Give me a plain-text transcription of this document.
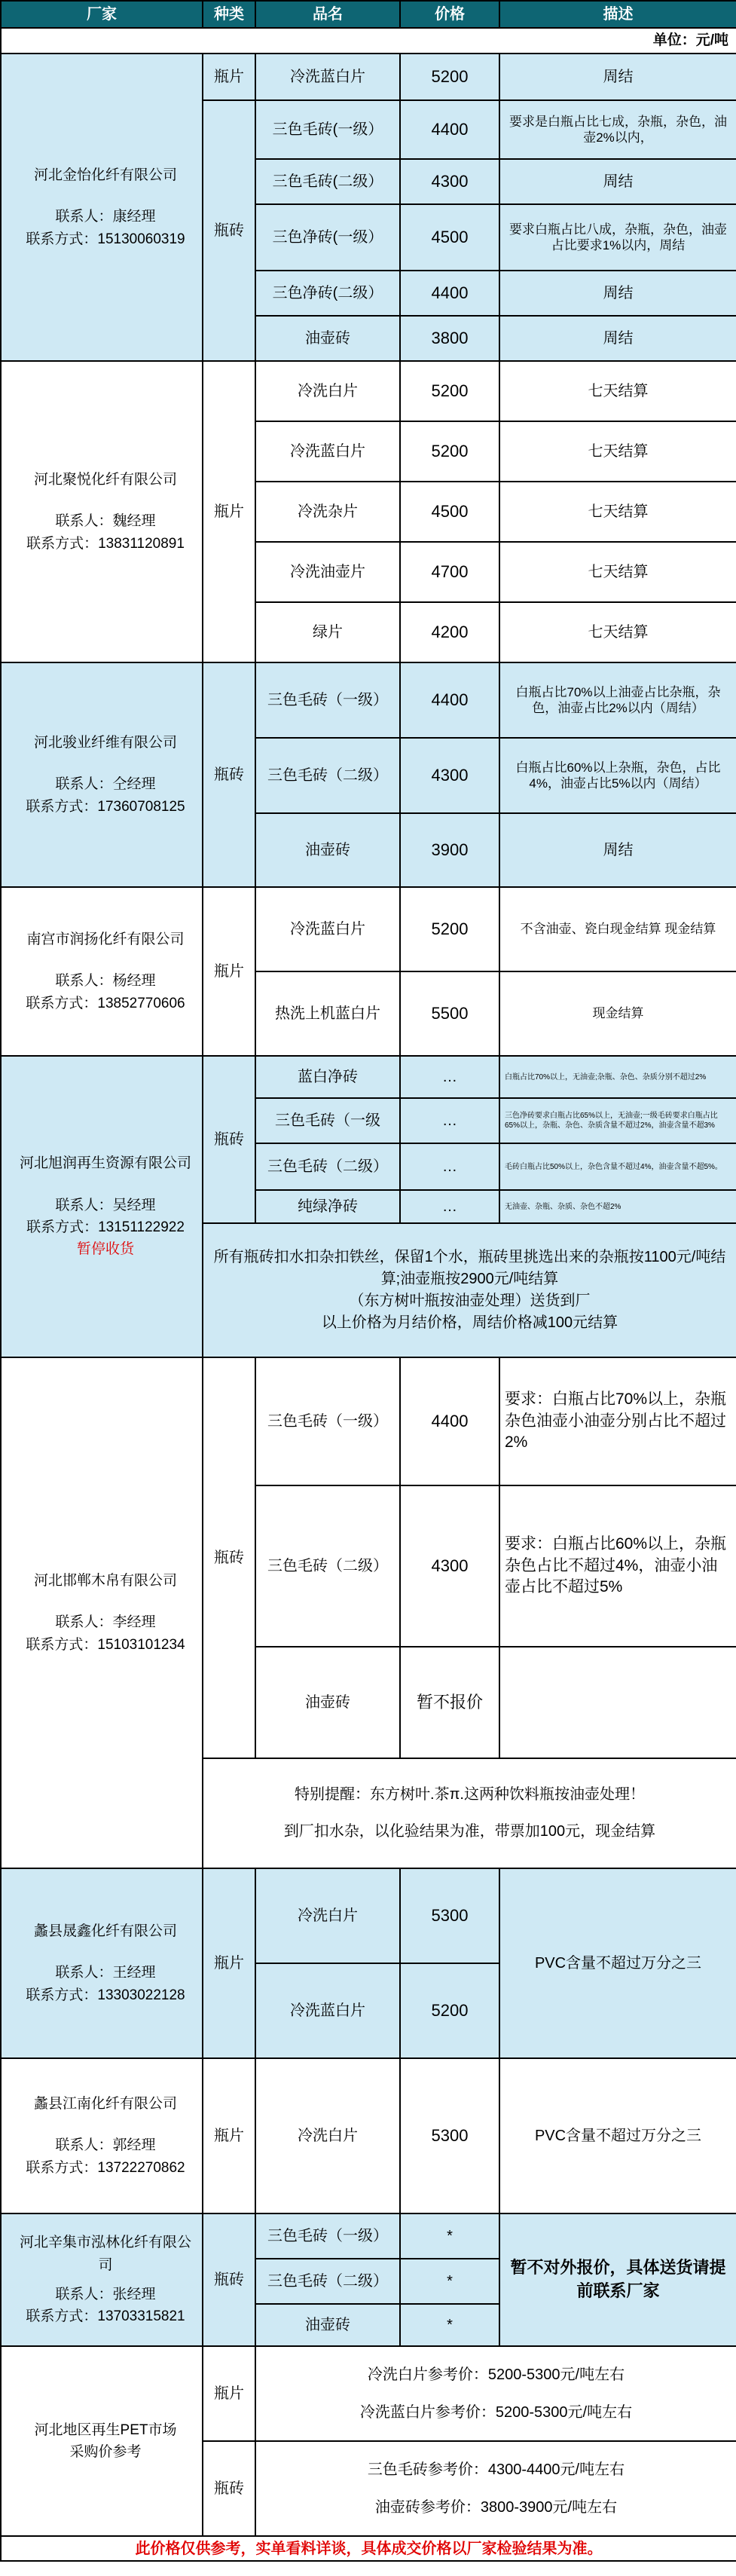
厂家	种类	品名	价格	描述
单位：元/吨				

河北金怡化纤有限公司
联系人：康经理
联系方式：15130060319	瓶片	冷洗蓝白片	5200	周结
	瓶砖	三色毛砖(一级）	4400	要求是白瓶占比七成，杂瓶，杂色，油壶2%以内，
		三色毛砖(二级）	4300	周结
		三色净砖(一级）	4500	要求白瓶占比八成，杂瓶，杂色，油壶占比要求1%以内，周结
		三色净砖(二级）	4400	周结
		油壶砖	3800	周结

河北聚悦化纤有限公司
联系人：魏经理
联系方式：13831120891	瓶片	冷洗白片	5200	七天结算
		冷洗蓝白片	5200	七天结算
		冷洗杂片	4500	七天结算
		冷洗油壶片	4700	七天结算
		绿片	4200	七天结算

河北骏业纤维有限公司
联系人：仝经理
联系方式：17360708125	瓶砖	三色毛砖（一级）	4400	白瓶占比70%以上油壶占比杂瓶，杂色，油壶占比2%以内（周结）
		三色毛砖（二级）	4300	白瓶占比60%以上杂瓶，杂色，占比4%，油壶占比5%以内（周结）
		油壶砖	3900	周结

南宫市润扬化纤有限公司
联系人：杨经理
联系方式：13852770606	瓶片	冷洗蓝白片	5200	不含油壶、瓷白现金结算 现金结算
		热洗上机蓝白片	5500	现金结算

河北旭润再生资源有限公司
联系人：吴经理
联系方式：13151122922
暂停收货	瓶砖	蓝白净砖	…	白瓶占比70%以上，无油壶;杂瓶、杂色、杂质分别不超过2%
		三色毛砖（一级	…	三色净砖要求白瓶占比65%以上，无油壶;一级毛砖要求白瓶占比65%以上，杂瓶、杂色、杂质含量不超过2%，油壶含量不超3%
		三色毛砖（二级）	…	毛砖白瓶占比50%以上，杂色含量不超过4%，油壶含量不超5%。
		纯绿净砖	…	无油壶、杂瓶、杂质、杂色不超2%

	所有瓶砖扣水扣杂扣铁丝，保留1个水，瓶砖里挑选出来的杂瓶按1100元/吨结算;油壶瓶按2900元/吨结算
（东方树叶瓶按油壶处理）送货到厂
以上价格为月结价格，周结价格减100元结算			

河北邯郸木帛有限公司
联系人：李经理
联系方式：15103101234	瓶砖	三色毛砖（一级）	4400	要求：白瓶占比70%以上，杂瓶杂色油壶小油壶分别占比不超过2%
		三色毛砖（二级）	4300	要求：白瓶占比60%以上，杂瓶杂色占比不超过4%，油壶小油壶占比不超过5%
		油壶砖	暂不报价	

	特别提醒：东方树叶.茶π.这两种饮料瓶按油壶处理！
到厂扣水杂，以化验结果为准，带票加100元，现金结算			

蠡县晟鑫化纤有限公司
联系人：王经理
联系方式：13303022128	瓶片	冷洗白片	5300	PVC含量不超过万分之三
		冷洗蓝白片	5200	

蠡县江南化纤有限公司
联系人：郭经理
联系方式：13722270862	瓶片	冷洗白片	5300	PVC含量不超过万分之三

河北辛集市泓林化纤有限公司
联系人：张经理
联系方式：13703315821	瓶砖	三色毛砖（一级）	*	暂不对外报价，具体送货请提前联系厂家
		三色毛砖（二级）	*	
		油壶砖	*	

河北地区再生PET市场采购价参考	瓶片	冷洗白片参考价：5200-5300元/吨左右
冷洗蓝白片参考价：5200-5300元/吨左右		

	瓶砖	三色毛砖参考价：4300-4400元/吨左右
油壶砖参考价：3800-3900元/吨左右		

此价格仅供参考，实单看料详谈，具体成交价格以厂家检验结果为准。				
